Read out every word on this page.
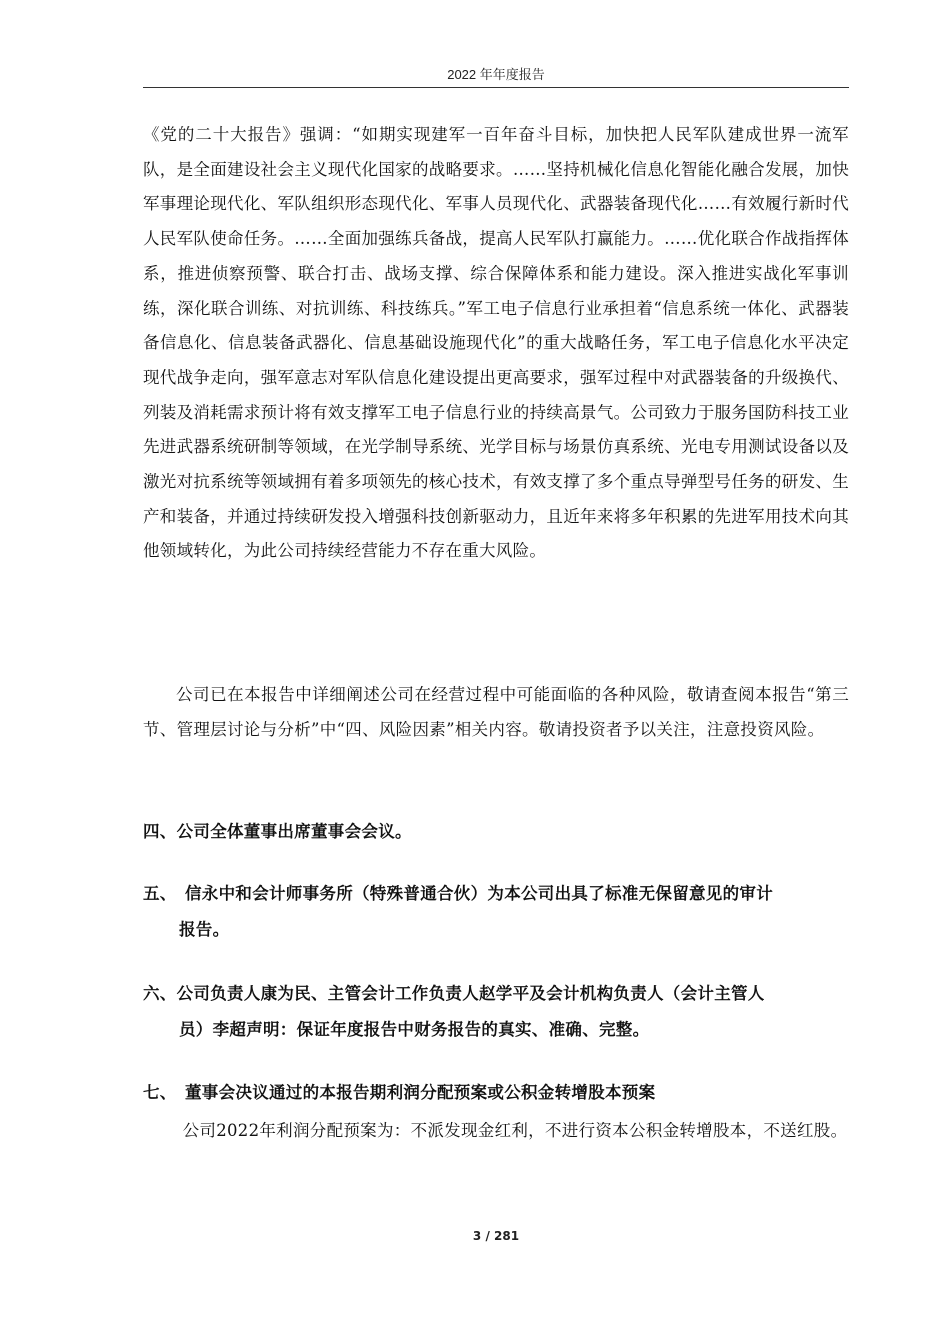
2022 年年度报告
《党的二十大报告》强调：“如期实现建军一百年奋斗目标，加快把人民军队建成世界一流军队，是全面建设社会主义现代化国家的战略要求。……坚持机械化信息化智能化融合发展，加快军事理论现代化、军队组织形态现代化、军事人员现代化、武器装备现代化……有效履行新时代人民军队使命任务。……全面加强练兵备战，提高人民军队打赢能力。……优化联合作战指挥体系，推进侦察预警、联合打击、战场支撑、综合保障体系和能力建设。深入推进实战化军事训练，深化联合训练、对抗训练、科技练兵。”军工电子信息行业承担着“信息系统一体化、武器装备信息化、信息装备武器化、信息基础设施现代化”的重大战略任务，军工电子信息化水平决定现代战争走向，强军意志对军队信息化建设提出更高要求，强军过程中对武器装备的升级换代、列装及消耗需求预计将有效支撑军工电子信息行业的持续高景气。公司致力于服务国防科技工业先进武器系统研制等领域，在光学制导系统、光学目标与场景仿真系统、光电专用测试设备以及激光对抗系统等领域拥有着多项领先的核心技术，有效支撑了多个重点导弹型号任务的研发、生产和装备，并通过持续研发投入增强科技创新驱动力，且近年来将多年积累的先进军用技术向其他领域转化，为此公司持续经营能力不存在重大风险。
公司已在本报告中详细阐述公司在经营过程中可能面临的各种风险，敬请查阅本报告“第三节、管理层讨论与分析”中“四、风险因素”相关内容。敬请投资者予以关注，注意投资风险。
四、公司全体董事出席董事会会议。
五、 信永中和会计师事务所（特殊普通合伙）为本公司出具了标准无保留意见的审计
报告。
六、公司负责人康为民、主管会计工作负责人赵学平及会计机构负责人（会计主管人
员）李超声明：保证年度报告中财务报告的真实、准确、完整。
七、 董事会决议通过的本报告期利润分配预案或公积金转增股本预案
公司2022年利润分配预案为：不派发现金红利，不进行资本公积金转增股本，不送红股。
3 / 281
